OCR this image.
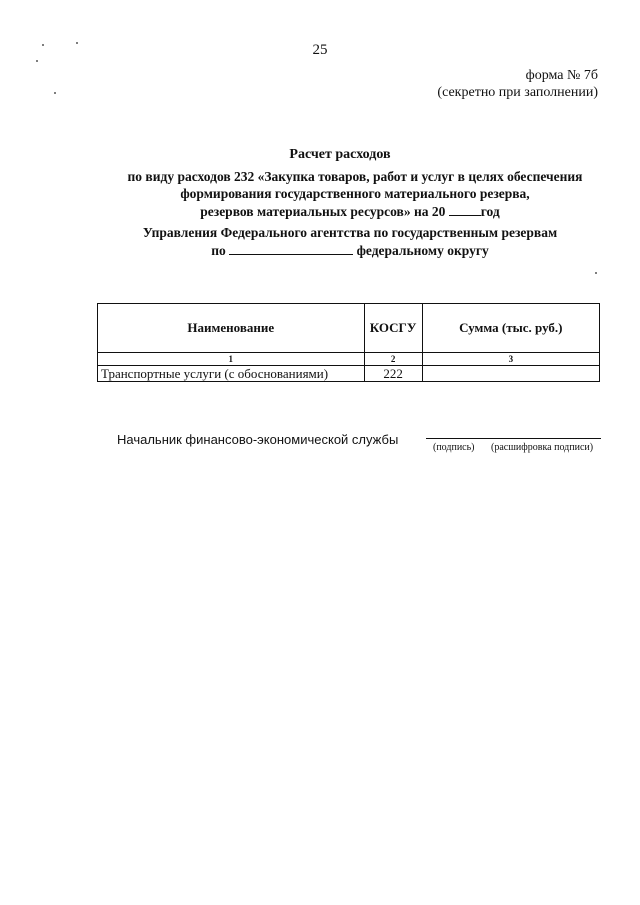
25
форма № 7б
(секретно при заполнении)
Расчет расходов
по виду расходов 232 «Закупка товаров, работ и услуг в целях обеспечения
формирования государственного материального резерва,
резервов материальных ресурсов» на 20	год
Управления Федерального агентства по государственным резервам
по	федеральному округу
Наименование	КОСГУ	Сумма (тыс. руб.)
1	2	3
Транспортные услуги (с обоснованиями)	222	
Начальник финансово-экономической службы
(подпись) (расшифровка подписи)
